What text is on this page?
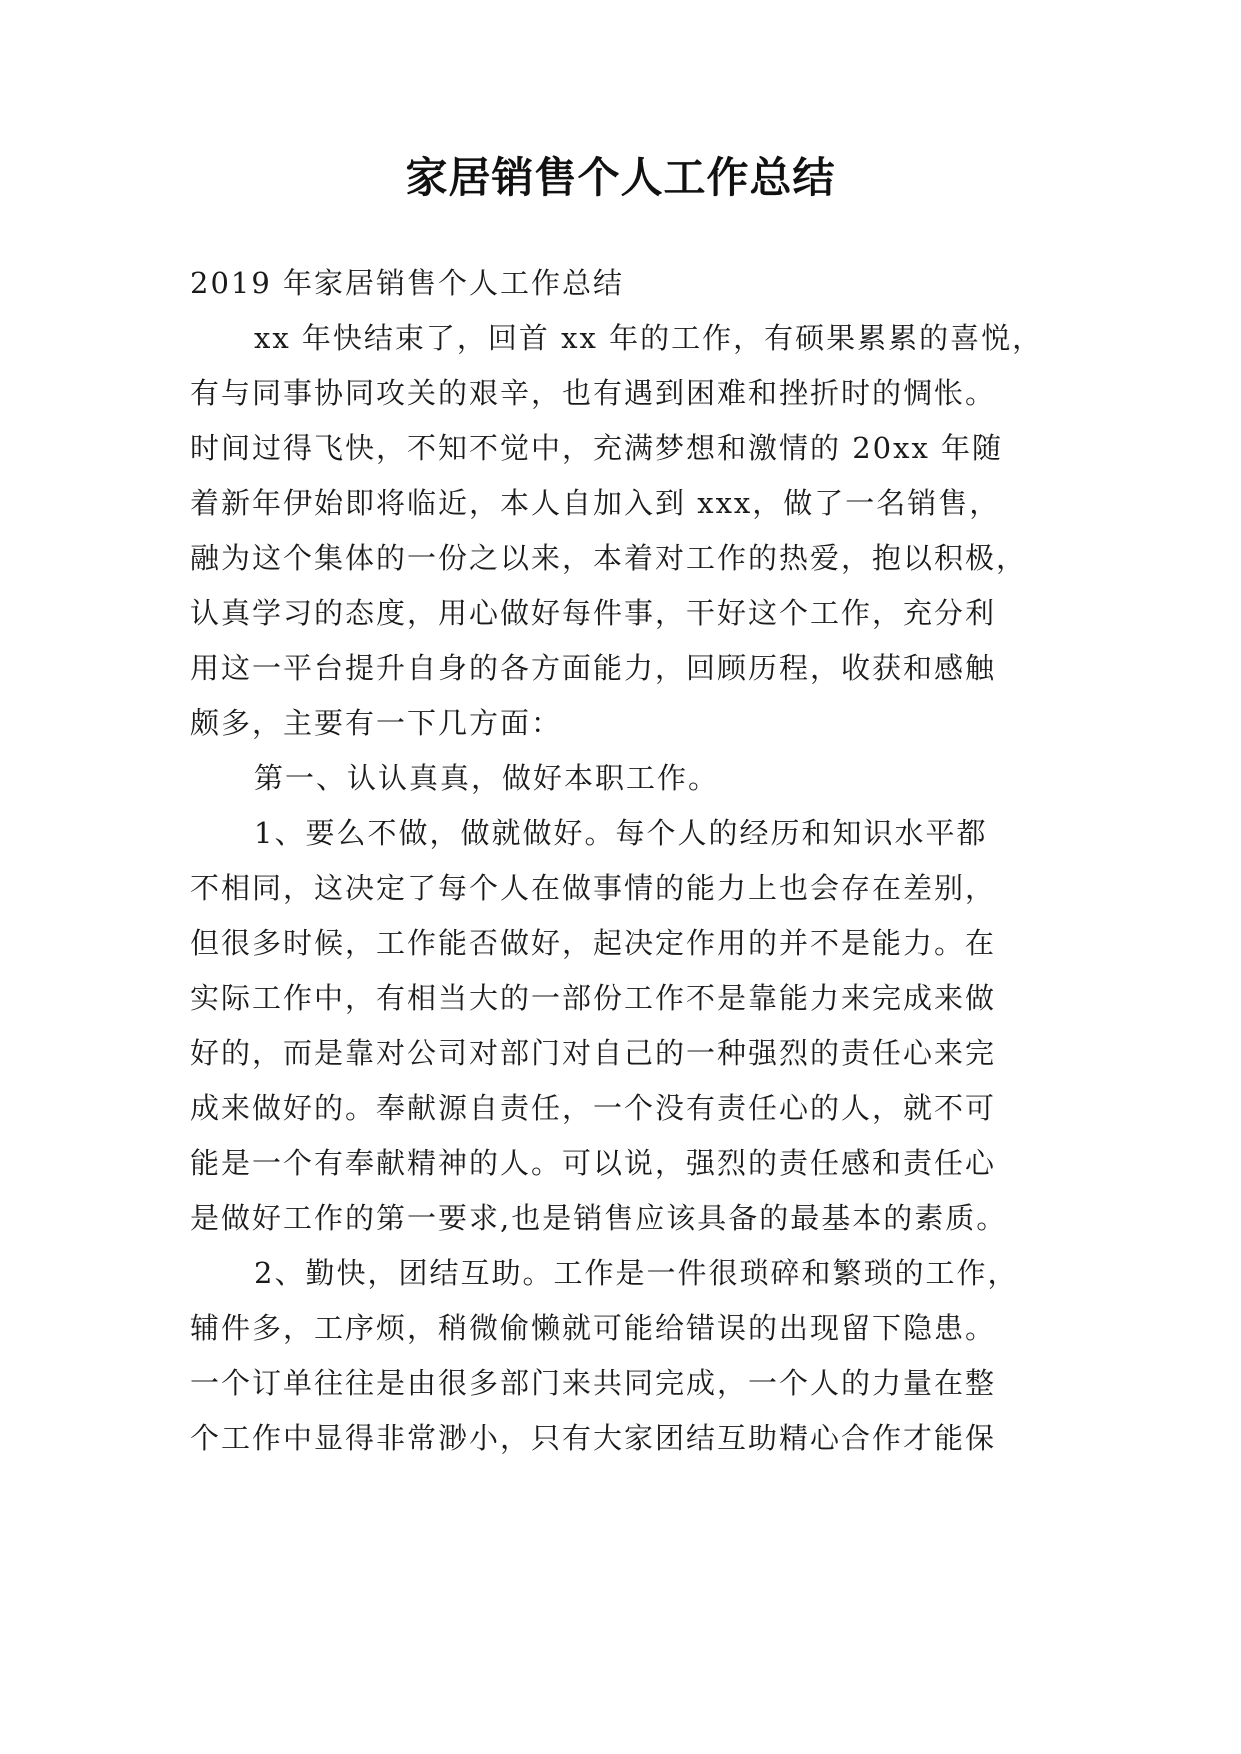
家居销售个人工作总结
2019 年家居销售个人工作总结
xx 年快结束了，回首 xx 年的工作，有硕果累累的喜悦，
有与同事协同攻关的艰辛，也有遇到困难和挫折时的惆怅。
时间过得飞快，不知不觉中，充满梦想和激情的 20xx 年随
着新年伊始即将临近，本人自加入到 xxx，做了一名销售，
融为这个集体的一份之以来，本着对工作的热爱，抱以积极，
认真学习的态度，用心做好每件事，干好这个工作，充分利
用这一平台提升自身的各方面能力，回顾历程，收获和感触
颇多，主要有一下几方面：
第一、认认真真，做好本职工作。
1、要么不做，做就做好。每个人的经历和知识水平都
不相同，这决定了每个人在做事情的能力上也会存在差别，
但很多时候，工作能否做好，起决定作用的并不是能力。在
实际工作中，有相当大的一部份工作不是靠能力来完成来做
好的，而是靠对公司对部门对自己的一种强烈的责任心来完
成来做好的。奉献源自责任，一个没有责任心的人，就不可
能是一个有奉献精神的人。可以说，强烈的责任感和责任心
是做好工作的第一要求,也是销售应该具备的最基本的素质。
2、勤快，团结互助。工作是一件很琐碎和繁琐的工作，
辅件多，工序烦，稍微偷懒就可能给错误的出现留下隐患。
一个订单往往是由很多部门来共同完成，一个人的力量在整
个工作中显得非常渺小，只有大家团结互助精心合作才能保
